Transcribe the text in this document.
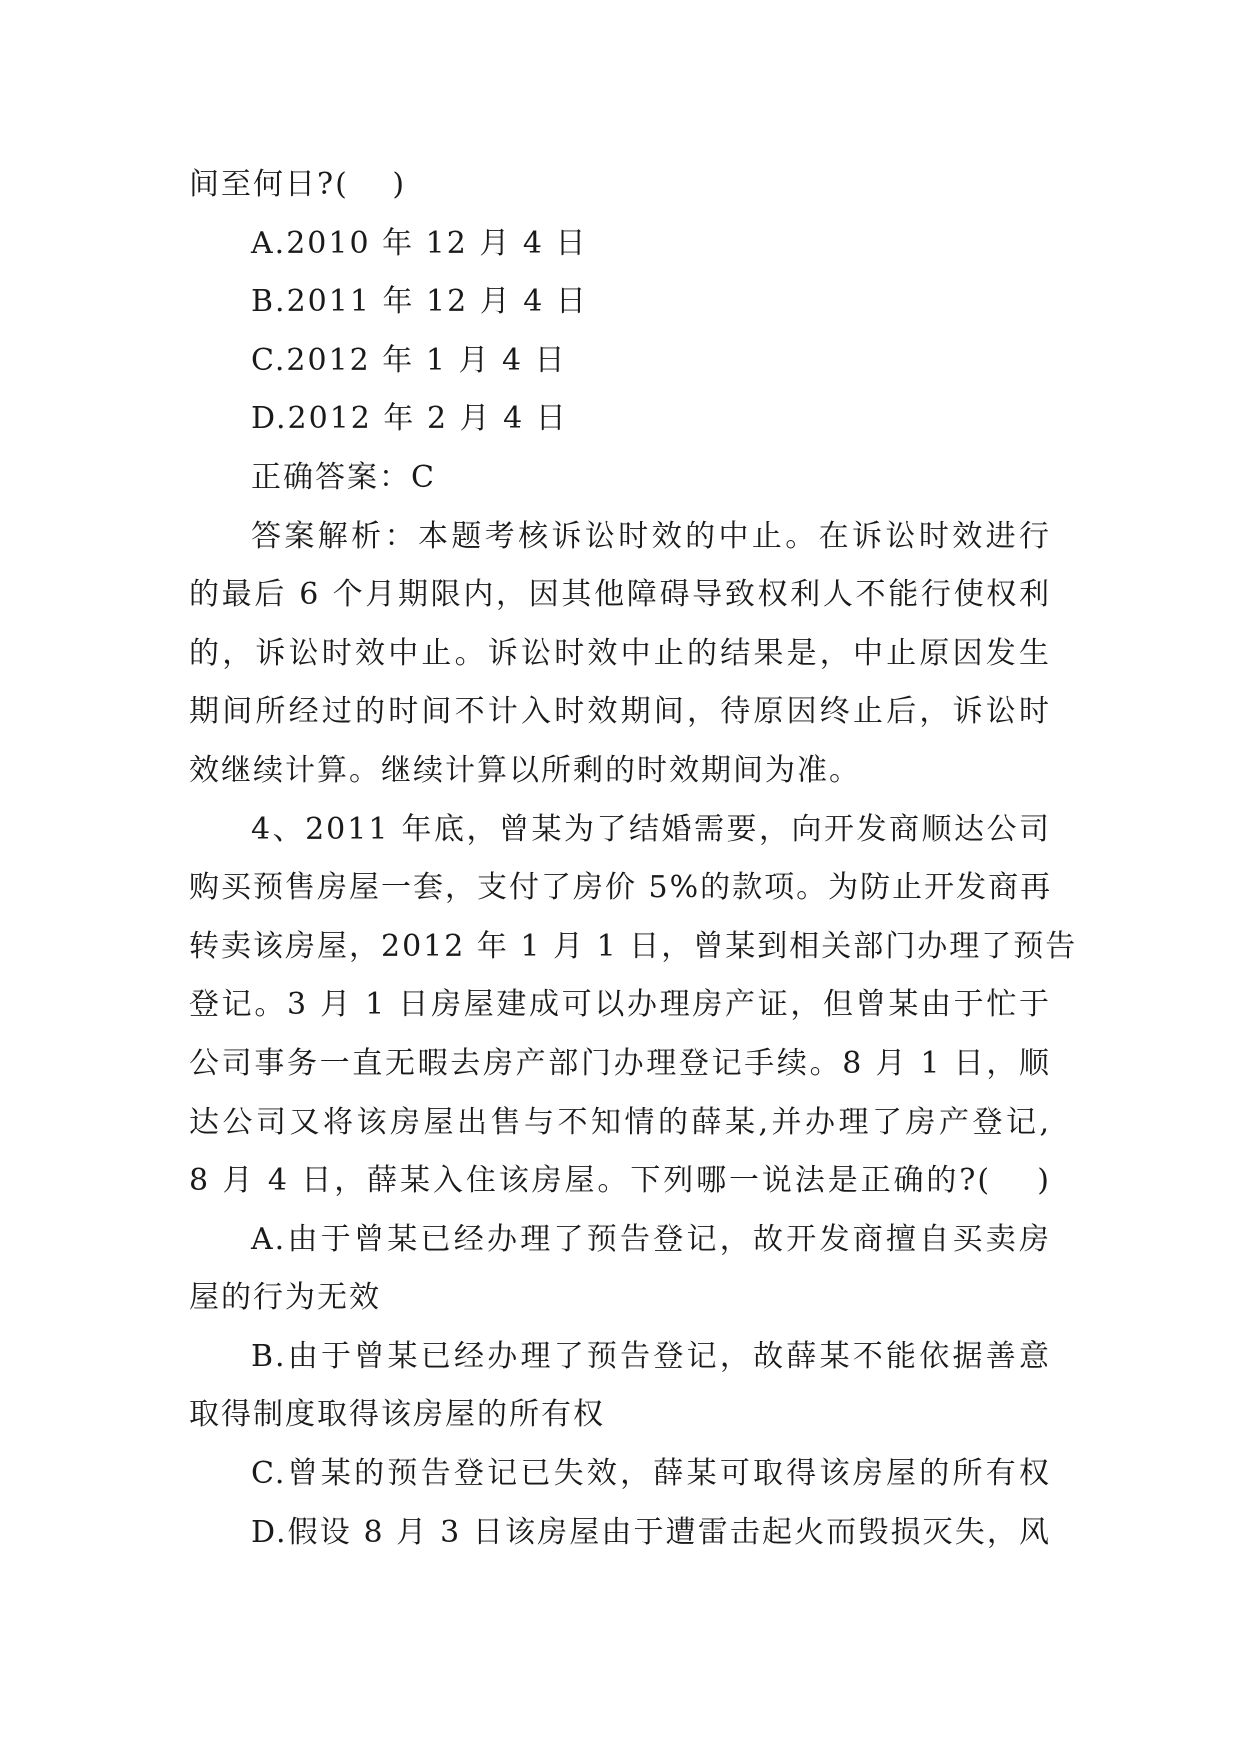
间至何日?(　 )

A.2010 年 12 月 4 日

B.2011 年 12 月 4 日

C.2012 年 1 月 4 日

D.2012 年 2 月 4 日

正确答案：C

答案解析：本题考核诉讼时效的中止。在诉讼时效进行

的最后 6 个月期限内，因其他障碍导致权利人不能行使权利

的，诉讼时效中止。诉讼时效中止的结果是，中止原因发生

期间所经过的时间不计入时效期间，待原因终止后，诉讼时

效继续计算。继续计算以所剩的时效期间为准。

4、2011 年底，曾某为了结婚需要，向开发商顺达公司

购买预售房屋一套，支付了房价 5%的款项。为防止开发商再

转卖该房屋，2012 年 1 月 1 日，曾某到相关部门办理了预告

登记。3 月 1 日房屋建成可以办理房产证，但曾某由于忙于

公司事务一直无暇去房产部门办理登记手续。8 月 1 日，顺

达公司又将该房屋出售与不知情的薛某,并办理了房产登记,

8 月 4 日，薛某入住该房屋。下列哪一说法是正确的?(　 )

A.由于曾某已经办理了预告登记，故开发商擅自买卖房

屋的行为无效

B.由于曾某已经办理了预告登记，故薛某不能依据善意

取得制度取得该房屋的所有权

C.曾某的预告登记已失效，薛某可取得该房屋的所有权

D.假设 8 月 3 日该房屋由于遭雷击起火而毁损灭失，风
